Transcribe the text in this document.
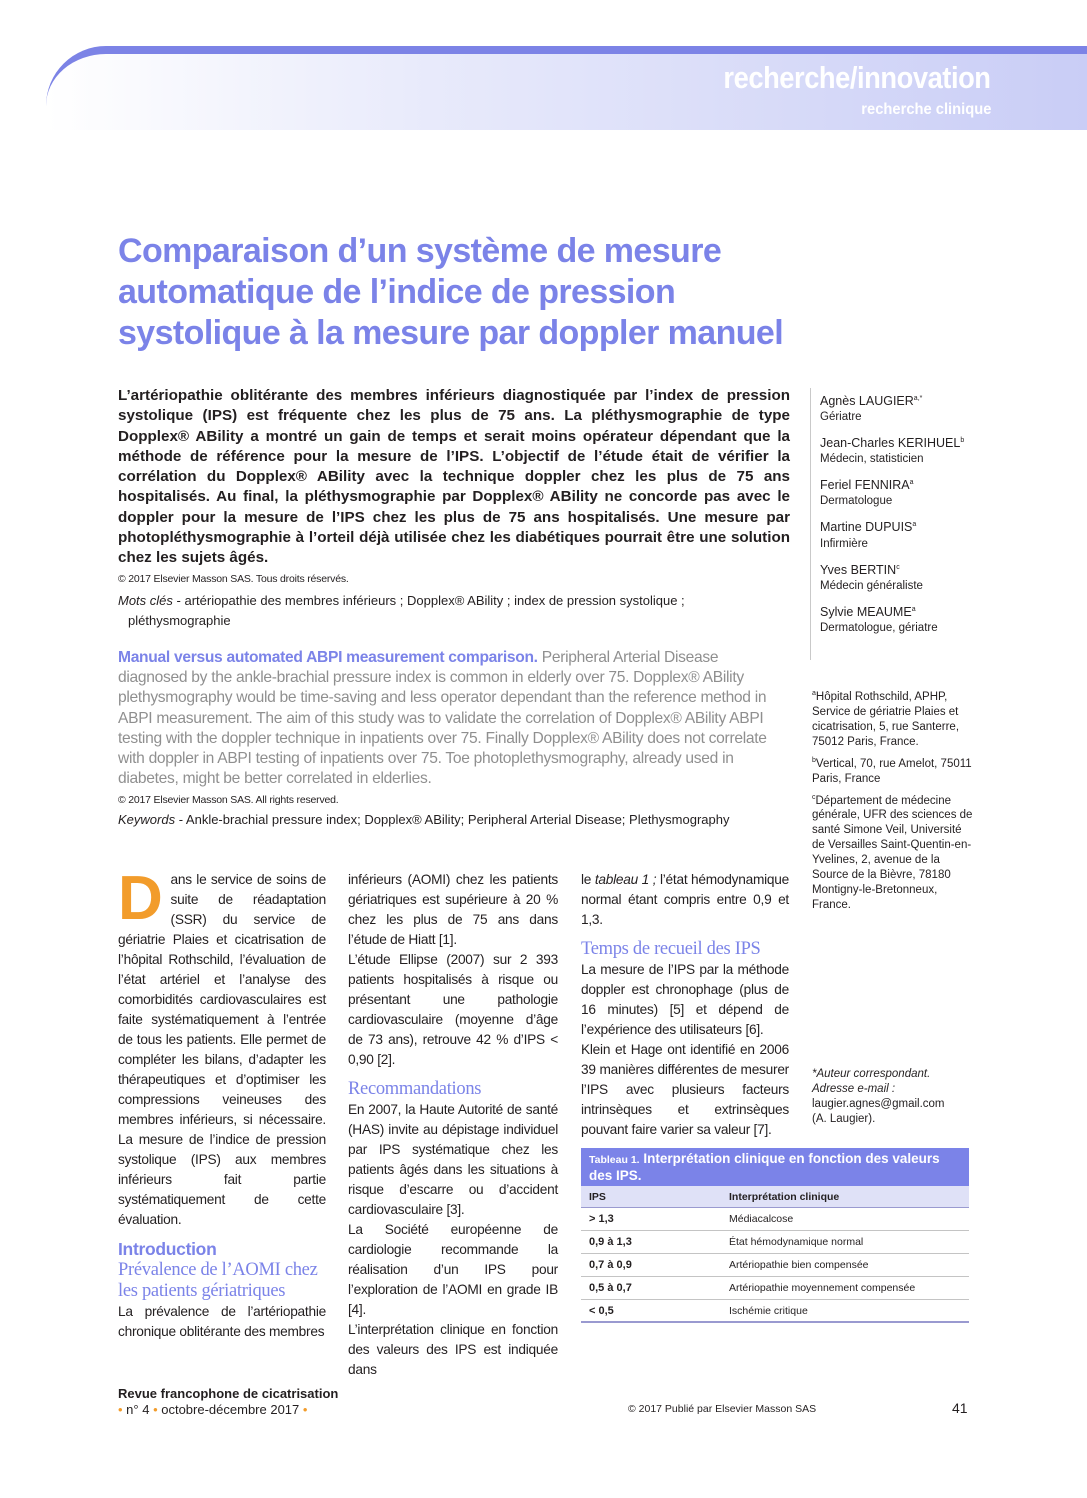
recherche/innovation
recherche clinique
Comparaison d’un système de mesure automatique de l’indice de pression systolique à la mesure par doppler manuel

L’artériopathie oblitérante des membres inférieurs diagnostiquée par l’index de pression systolique (IPS) est fréquente chez les plus de 75 ans. La pléthysmographie de type Dopplex® ABility a montré un gain de temps et serait moins opérateur dépendant que la méthode de référence pour la mesure de l’IPS. L’objectif de l’étude était de vérifier la corrélation du Dopplex® ABility avec la technique doppler chez les plus de 75 ans hospitalisés. Au final, la pléthysmographie par Dopplex® ABility ne concorde pas avec le doppler pour la mesure de l’IPS chez les plus de 75 ans hospitalisés. Une mesure par photopléthysmographie à l’orteil déjà utilisée chez les diabétiques pourrait être une solution chez les sujets âgés.

© 2017 Elsevier Masson SAS. Tous droits réservés.
Mots clés - artériopathie des membres inférieurs ; Dopplex® ABility ; index de pression systolique ;
pléthysmographie

Manual versus automated ABPI measurement comparison. Peripheral Arterial Disease diagnosed by the ankle-brachial pressure index is common in elderly over 75. Dopplex® ABility plethysmography would be time-saving and less operator dependant than the reference method in ABPI measurement. The aim of this study was to validate the correlation of Dopplex® ABility ABPI testing with the doppler technique in inpatients over 75. Finally Dopplex® ABility does not correlate with doppler in ABPI testing of inpatients over 75. Toe photoplethysmography, already used in diabetes, might be better correlated in elderlies.

© 2017 Elsevier Masson SAS. All rights reserved.
Keywords - Ankle-brachial pressure index; Dopplex® ABility; Peripheral Arterial Disease; Plethysmography
Agnès $LAUGIER^{a,*}$
Gériatre
Jean-Charles KERIHUEL$^b$
Médecin, statisticien
Feriel FENNIRA$^a$
Dermatologue
Martine DUPUIS$^a$
Infirmière
Yves BERTIN$^c$
Médecin généraliste
Sylvie MEAUME$^a$
Dermatologue, gériatre

$^a$Hôpital Rothschild, APHP, Service de gériatrie Plaies et cicatrisation, 5, rue Santerre, 75012 Paris, France.

$^b$Vertical, 70, rue Amelot, 75011 Paris, France

$^c$Département de médecine générale, UFR des sciences de santé Simone Veil, Université de Versailles Saint-Quentin-en-Yvelines, 2, avenue de la Source de la Bièvre, 78180 Montigny-le-Bretonneux, France.

*Auteur correspondant.
Adresse e-mail :
laugier.agnes@gmail.com
(A. Laugier).
D ans le service de soins de suite de réadaptation (SSR) du service de gériatrie Plaies et cicatrisation de l’hôpital Rothschild, l’évaluation de l’état artériel et l’analyse des comorbidités cardiovasculaires est faite systématiquement à l’entrée de tous les patients. Elle permet de compléter les bilans, d’adapter les thérapeutiques et d’optimiser les compressions veineuses des membres inférieurs, si nécessaire. La mesure de l’indice de pression systolique (IPS) aux membres inférieurs fait partie systématiquement de cette évaluation.

Introduction
Prévalence de l’AOMI chez les patients gériatriques

La prévalence de l’artériopathie chronique oblitérante des membres

inférieurs (AOMI) chez les patients gériatriques est supérieure à 20 % chez les plus de 75 ans dans l’étude de Hiatt [1].

L’étude Ellipse (2007) sur 2 393 patients hospitalisés à risque ou présentant une pathologie cardiovasculaire (moyenne d’âge de 73 ans), retrouve 42 % d’IPS < 0,90 [2].

Recommandations

En 2007, la Haute Autorité de santé (HAS) invite au dépistage individuel par IPS systématique chez les patients âgés dans les situations à risque d’escarre ou d’accident cardiovasculaire [3].

La Société européenne de cardiologie recommande la réalisation d’un IPS pour l’exploration de l’AOMI en grade IB [4].

L’interprétation clinique en fonction des valeurs des IPS est indiquée dans

le tableau 1 ; l’état hémodynamique normal étant compris entre 0,9 et 1,3.

Temps de recueil des IPS

La mesure de l’IPS par la méthode doppler est chronophage (plus de 16 minutes) [5] et dépend de l’expérience des utilisateurs [6].

Klein et Hage ont identifié en 2006 39 manières différentes de mesurer l’IPS avec plusieurs facteurs intrinsèques et extrinsèques pouvant faire varier sa valeur [7].

Tableau 1. Interprétation clinique en fonction des valeurs des IPS.
IPS	Interprétation clinique
> 1,3	Médiacalcose
0,9 à 1,3	État hémodynamique normal
0,7 à 0,9	Artériopathie bien compensée
0,5 à 0,7	Artériopathie moyennement compensée
< 0,5	Ischémie critique
Revue francophone de cicatrisation
• n° 4 • octobre-décembre 2017 •	© 2017 Publié par Elsevier Masson SAS	41
